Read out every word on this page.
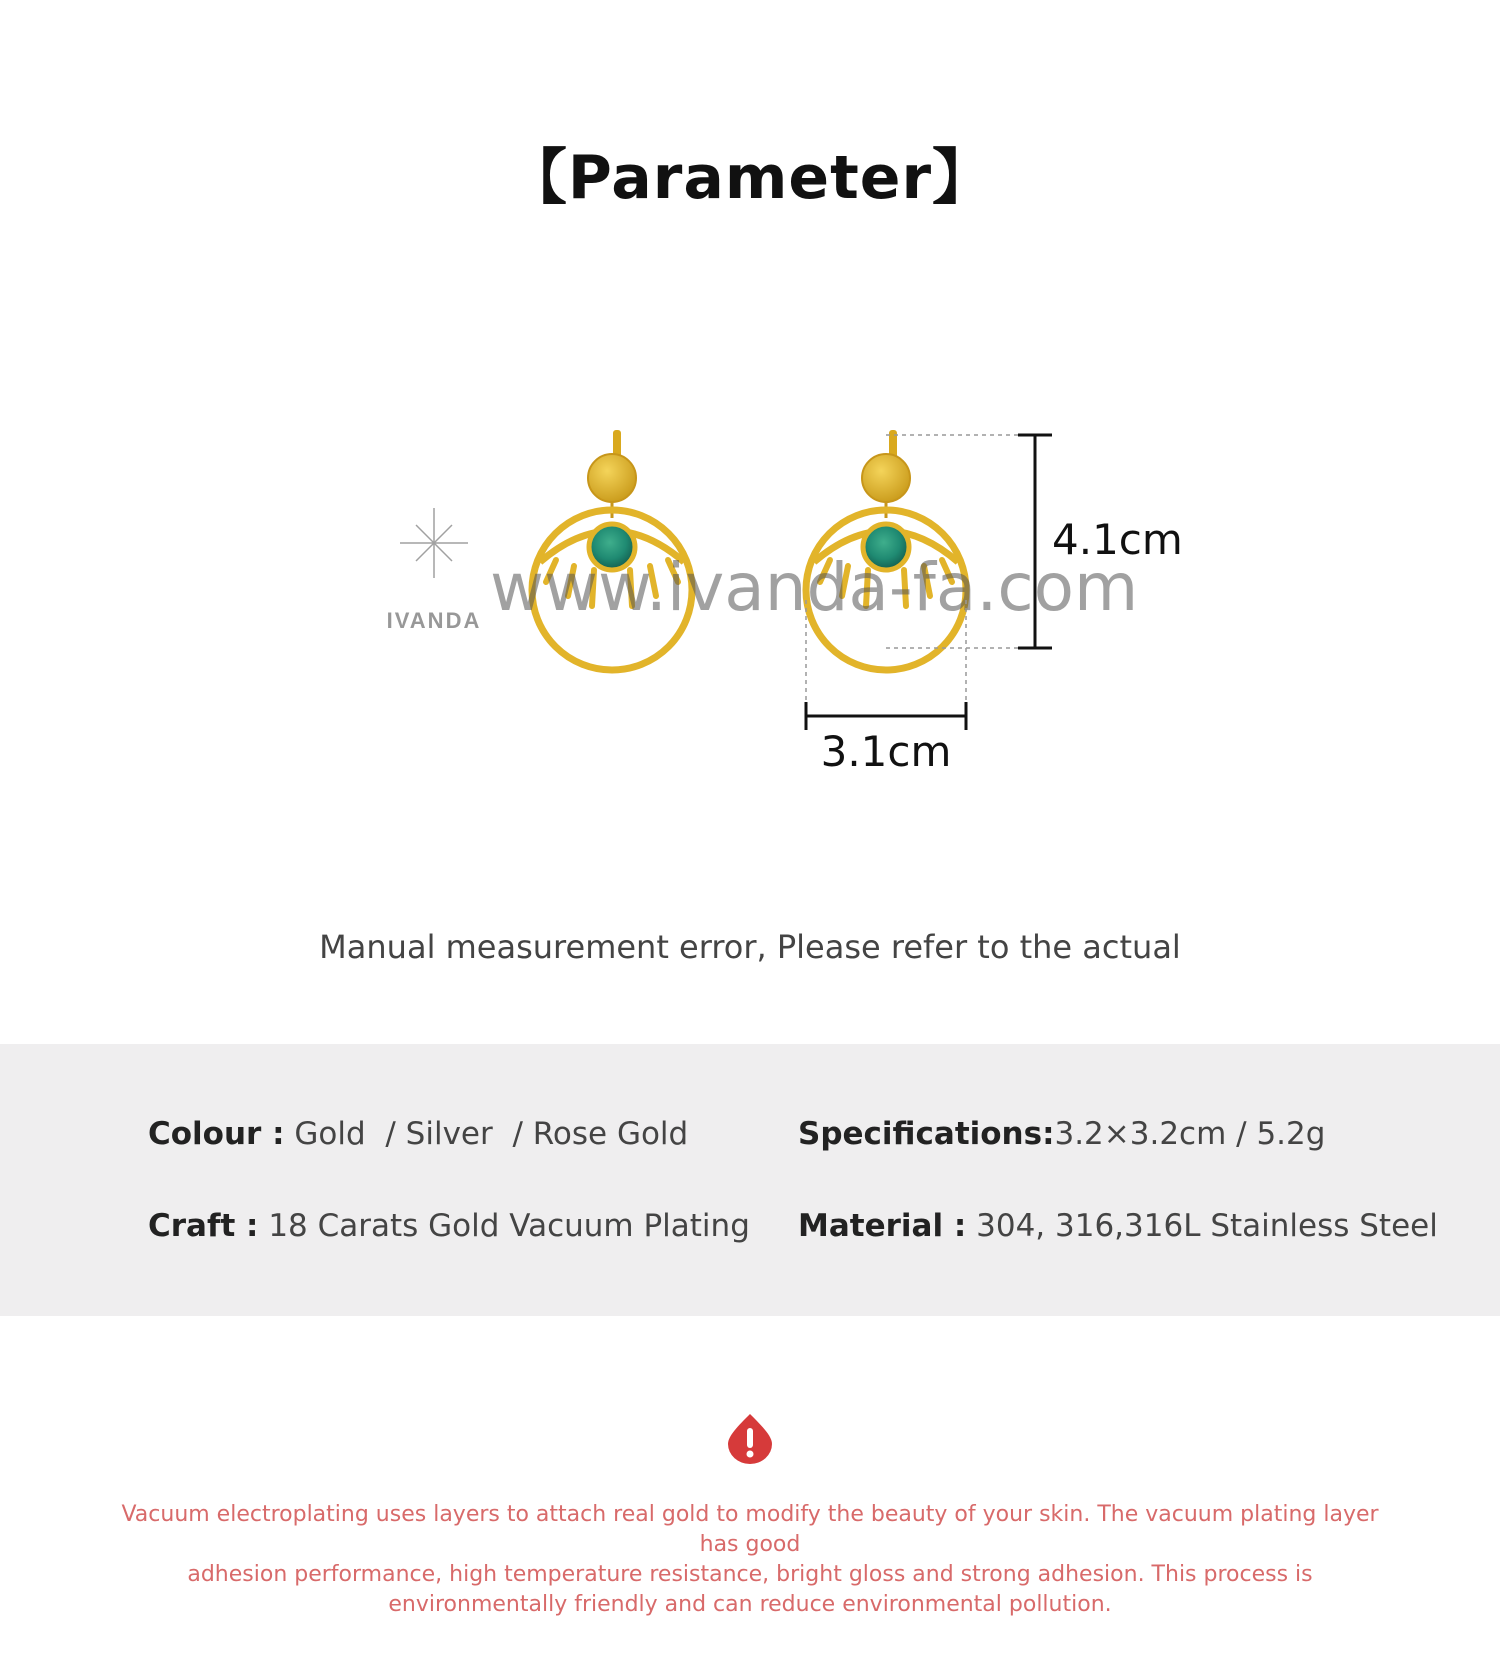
【Parameter】
IVANDA www.ivanda-fa.com
4.1cm
3.1cm
Manual measurement error, Please refer to the actual
Colour : Gold  / Silver  / Rose Gold	Specifications:3.2×3.2cm / 5.2g
Craft : 18 Carats Gold Vacuum Plating Material : 304, 316,316L Stainless Steel
Vacuum electroplating uses layers to attach real gold to modify the beauty of your skin. The vacuum plating layer has good
adhesion performance, high temperature resistance, bright gloss and strong adhesion. This process is
environmentally friendly and can reduce environmental pollution.
